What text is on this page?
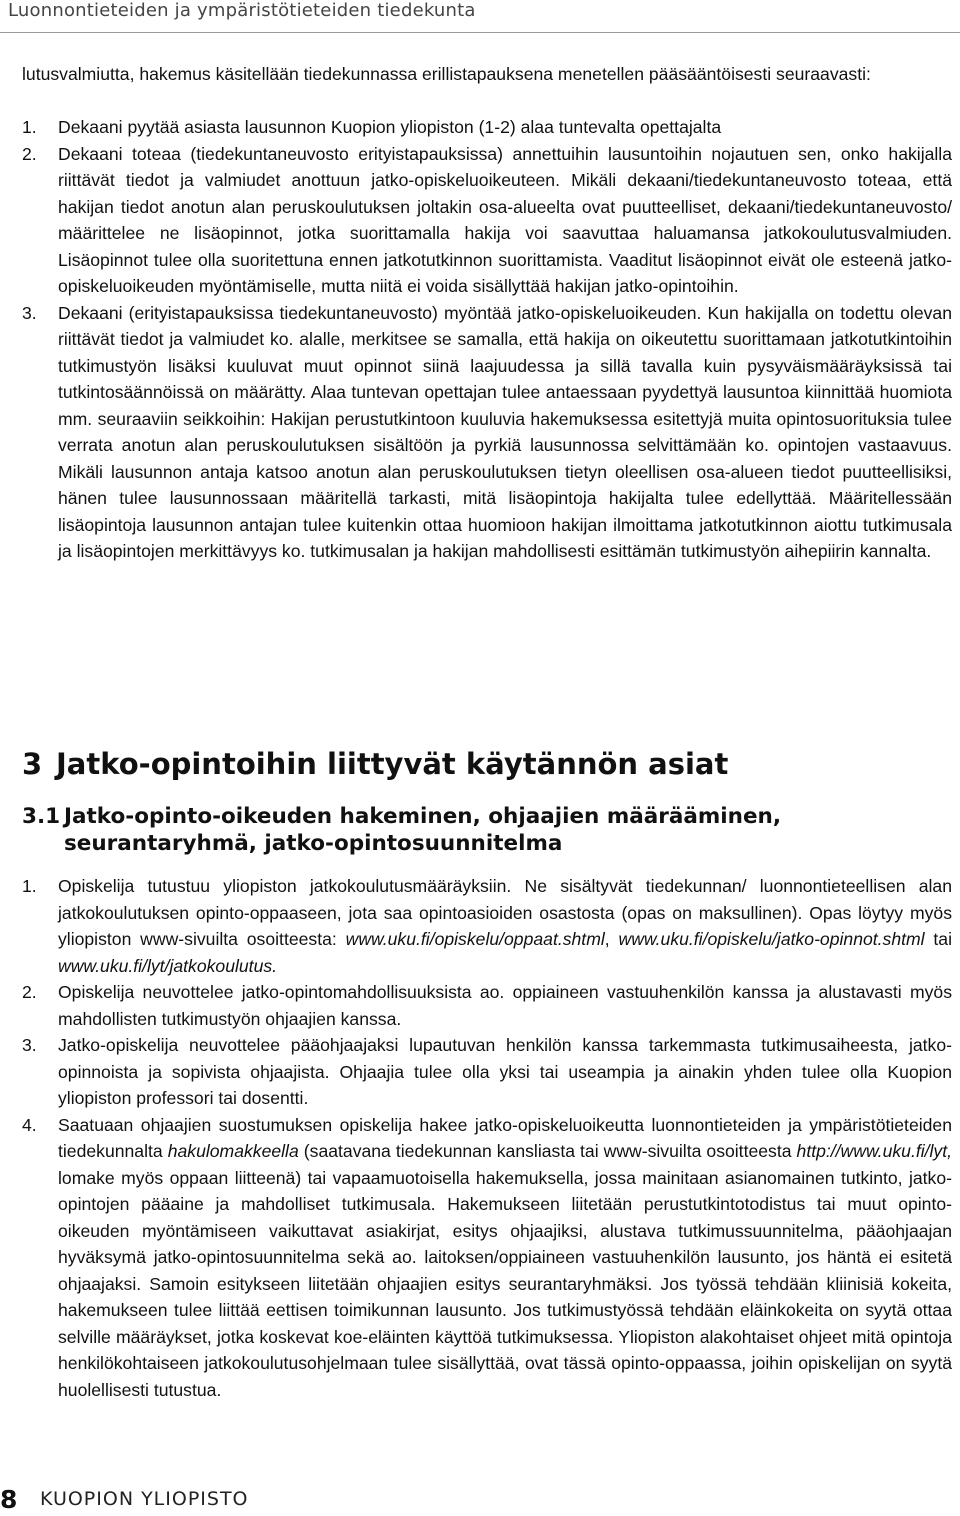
Luonnontieteiden ja ympäristötieteiden tiedekunta
lutusvalmiutta, hakemus käsitellään tiedekunnassa erillistapauksena menetellen pääsääntöisesti seuraavasti:
1. Dekaani pyytää asiasta lausunnon Kuopion yliopiston (1-2) alaa tuntevalta opettajalta
2. Dekaani toteaa (tiedekuntaneuvosto erityistapauksissa) annettuihin lausuntoihin nojautuen sen, onko hakijalla riittävät tiedot ja valmiudet anottuun jatko-opiskeluoikeuteen. Mikäli dekaani/tiedekuntaneuvosto toteaa, että hakijan tiedot anotun alan peruskoulutuksen joltakin osa-alueelta ovat puutteelliset, dekaani/tiedekuntaneuvosto/ määrittelee ne lisäopinnot, jotka suorittamalla hakija voi saavuttaa haluamansa jatkokoulutusvalmiuden. Lisäopinnot tulee olla suoritettuna ennen jatkotutkinnon suorittamista. Vaaditut lisäopinnot eivät ole esteenä jatko-opiskeluoikeuden myöntämiselle, mutta niitä ei voida sisällyttää hakijan jatko-opintoihin.
3. Dekaani (erityistapauksissa tiedekuntaneuvosto) myöntää jatko-opiskeluoikeuden. Kun hakijalla on todettu olevan riittävät tiedot ja valmiudet ko. alalle, merkitsee se samalla, että hakija on oikeutettu suorittamaan jatkotutkintoihin tutkimustyön lisäksi kuuluvat muut opinnot siinä laajuudessa ja sillä tavalla kuin pysyväismääräyksissä tai tutkintosäännöissä on määrätty. Alaa tuntevan opettajan tulee antaessaan pyydettyä lausuntoa kiinnittää huomiota mm. seuraaviin seikkoihin: Hakijan perustutkintoon kuuluvia hakemuksessa esitettyjä muita opintosuorituksia tulee verrata anotun alan peruskoulutuksen sisältöön ja pyrkiä lausunnossa selvittämään ko. opintojen vastaavuus. Mikäli lausunnon antaja katsoo anotun alan peruskoulutuksen tietyn oleellisen osa-alueen tiedot puutteellisiksi, hänen tulee lausunnossaan määritellä tarkasti, mitä lisäopintoja hakijalta tulee edellyttää. Määritellessään lisäopintoja lausunnon antajan tulee kuitenkin ottaa huomioon hakijan ilmoittama jatkotutkinnon aiottu tutkimusala ja lisäopintojen merkittävyys ko. tutkimusalan ja hakijan mahdollisesti esittämän tutkimustyön aihepiirin kannalta.
3 Jatko-opintoihin liittyvät käytännön asiat
3.1 Jatko-opinto-oikeuden hakeminen, ohjaajien määrääminen, seurantaryhmä, jatko-opintosuunnitelma
1. Opiskelija tutustuu yliopiston jatkokoulutusmääräyksiin. Ne sisältyvät tiedekunnan/ luonnontieteellisen alan jatkokoulutuksen opinto-oppaaseen, jota saa opintoasioiden osastosta (opas on maksullinen). Opas löytyy myös yliopiston www-sivuilta osoitteesta: www.uku.fi/opiskelu/oppaat.shtml, www.uku.fi/opiskelu/jatko-opinnot.shtml tai www.uku.fi/lyt/jatkokoulutus.
2. Opiskelija neuvottelee jatko-opintomahdollisuuksista ao. oppiaineen vastuuhenkilön kanssa ja alustavasti myös mahdollisten tutkimustyön ohjaajien kanssa.
3. Jatko-opiskelija neuvottelee pääohjaajaksi lupautuvan henkilön kanssa tarkemmasta tutkimusaiheesta, jatko-opinnoista ja sopivista ohjaajista. Ohjaajia tulee olla yksi tai useampia ja ainakin yhden tulee olla Kuopion yliopiston professori tai dosentti.
4. Saatuaan ohjaajien suostumuksen opiskelija hakee jatko-opiskeluoikeutta luonnontieteiden ja ympäristötieteiden tiedekunnalta hakulomakkeella (saatavana tiedekunnan kansliasta tai www-sivuilta osoitteesta http://www.uku.fi/lyt, lomake myös oppaan liitteenä) tai vapaamuotoisella hakemuksella, jossa mainitaan asianomainen tutkinto, jatko-opintojen pääaine ja mahdolliset tutkimusala. Hakemukseen liitetään perustutkintotodistus tai muut opinto-oikeuden myöntämiseen vaikuttavat asiakirjat, esitys ohjaajiksi, alustava tutkimussuunnitelma, pääohjaajan hyväksymä jatko-opintosuunnitelma sekä ao. laitoksen/oppiaineen vastuuhenkilön lausunto, jos häntä ei esitetä ohjaajaksi. Samoin esitykseen liitetään ohjaajien esitys seurantaryhmäksi. Jos työssä tehdään kliinisiä kokeita, hakemukseen tulee liittää eettisen toimikunnan lausunto. Jos tutkimustyössä tehdään eläinkokeita on syytä ottaa selville määräykset, jotka koskevat koe-eläinten käyttöä tutkimuksessa. Yliopiston alakohtaiset ohjeet mitä opintoja henkilökohtaiseen jatkokoulutusohjelmaan tulee sisällyttää, ovat tässä opinto-oppaassa, joihin opiskelijan on syytä huolellisesti tutustua.
8 KUOPION YLIOPISTO
